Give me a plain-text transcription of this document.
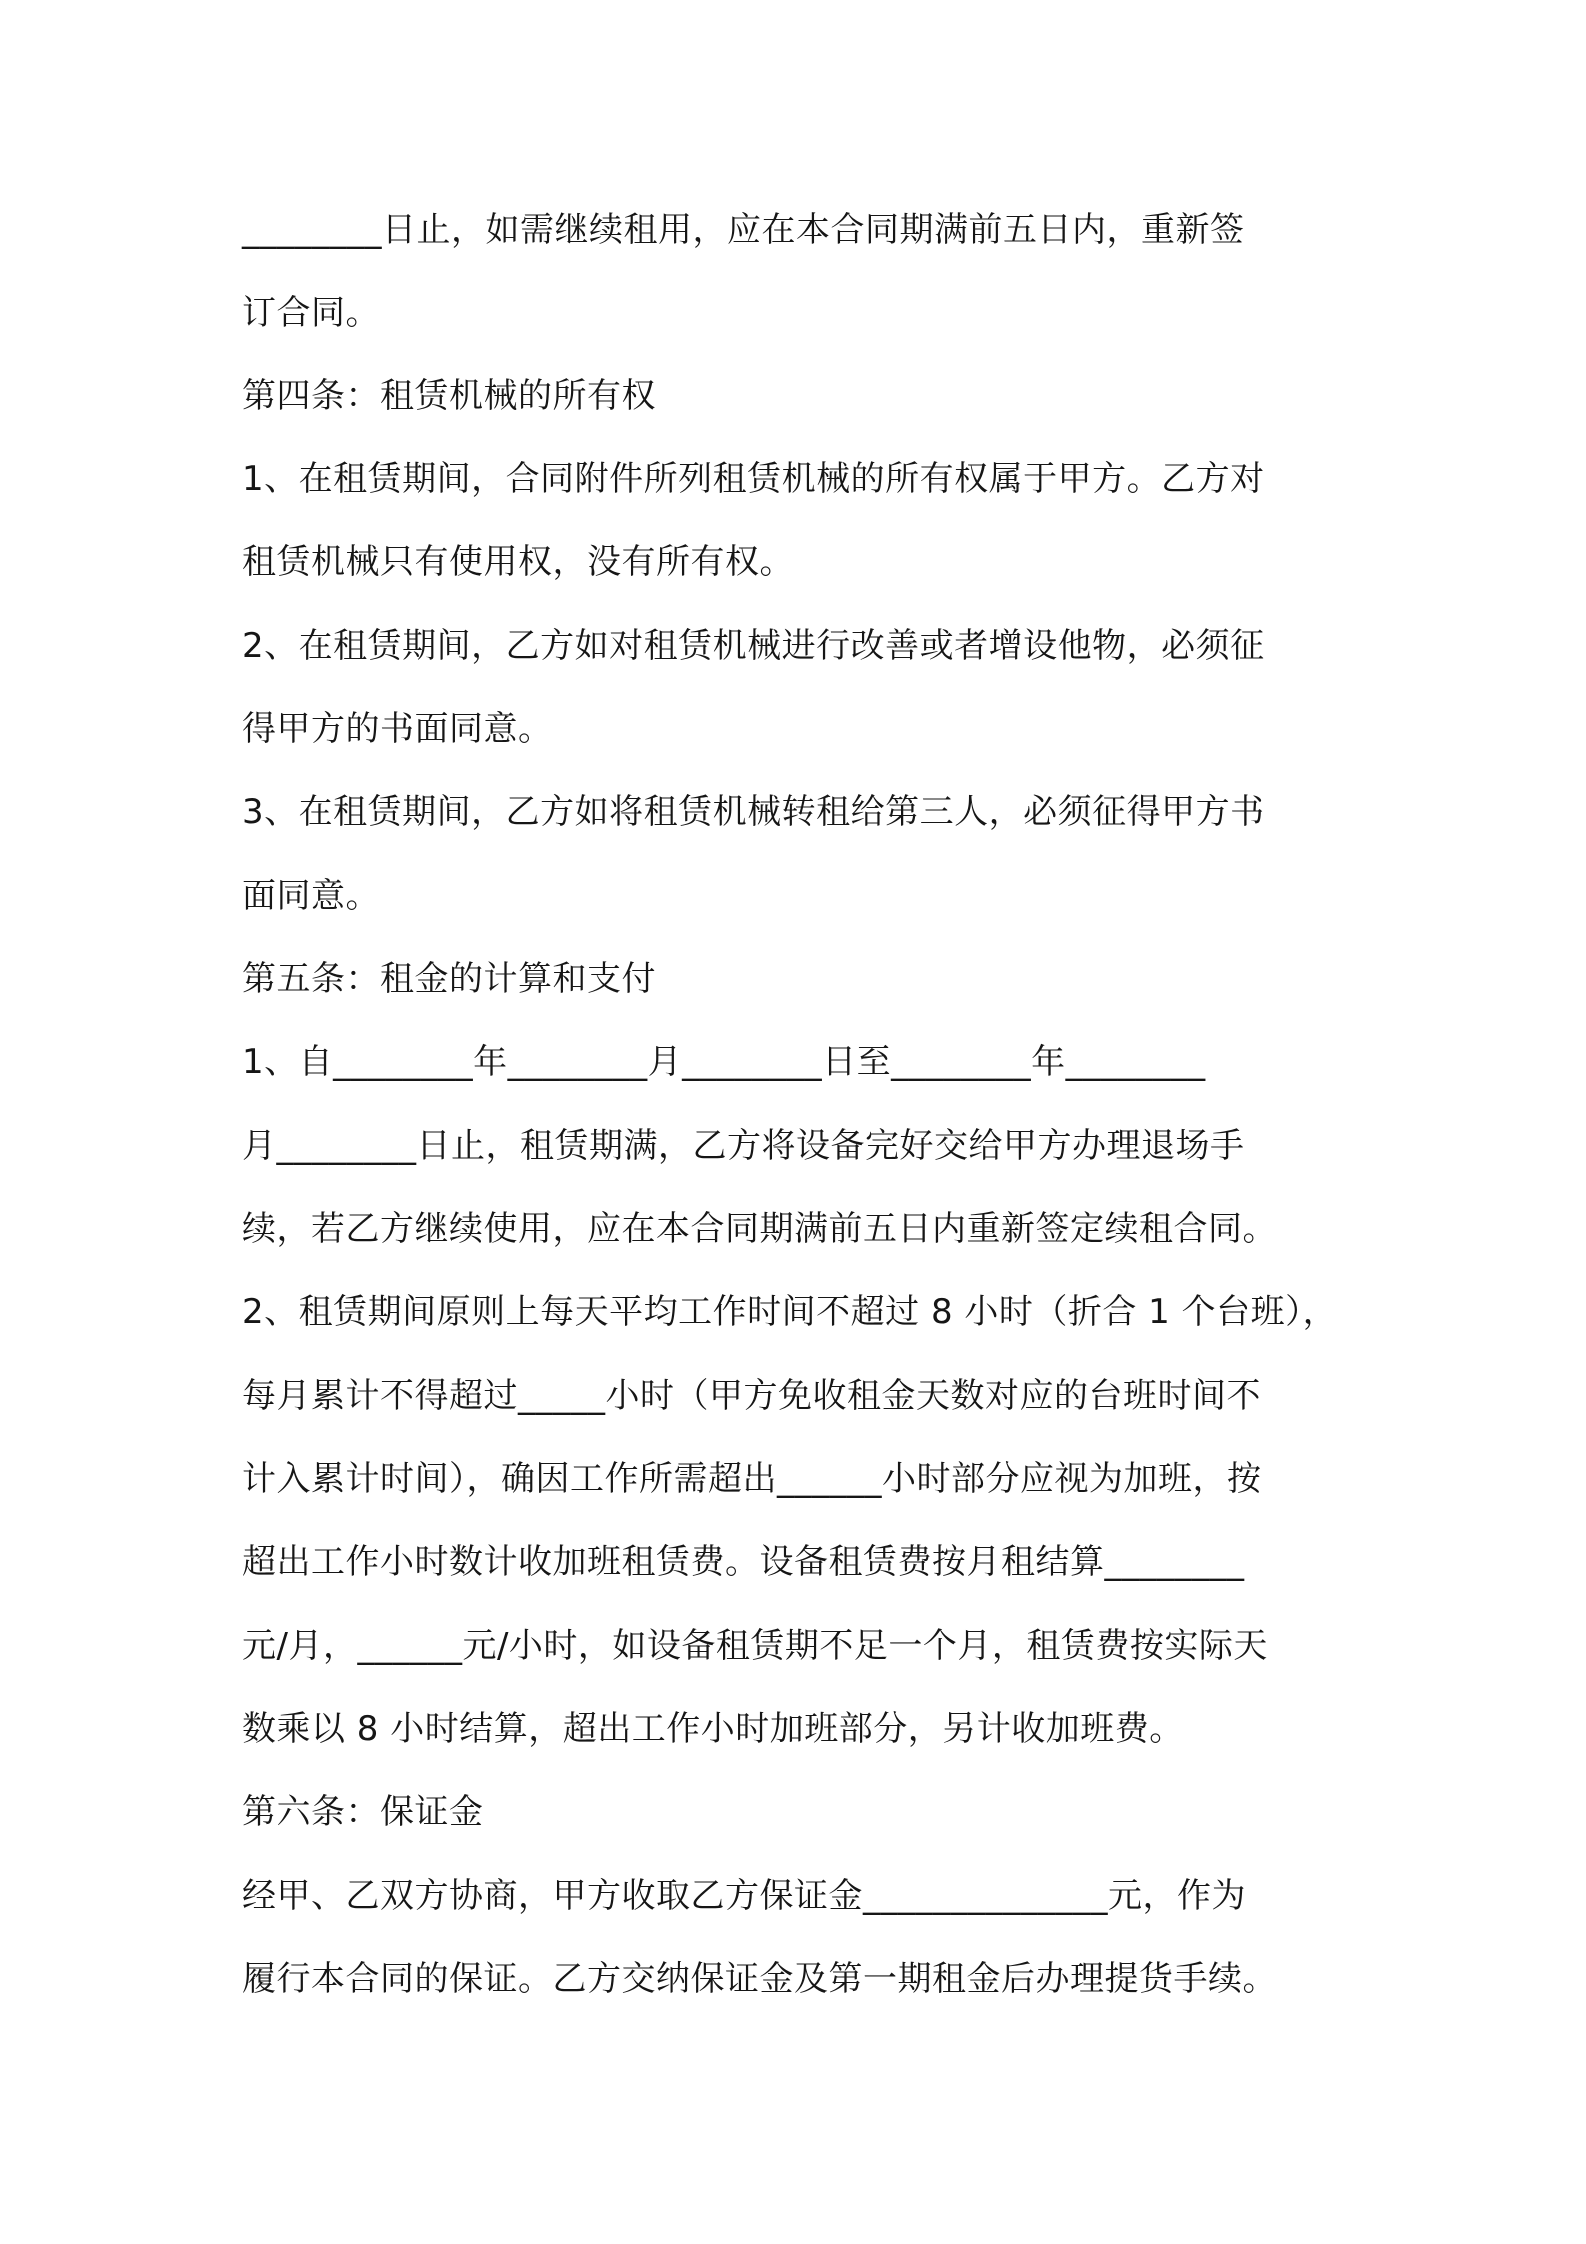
________日止，如需继续租用，应在本合同期满前五日内，重新签

订合同。

第四条：租赁机械的所有权

1、在租赁期间，合同附件所列租赁机械的所有权属于甲方。乙方对

租赁机械只有使用权，没有所有权。

2、在租赁期间，乙方如对租赁机械进行改善或者增设他物，必须征

得甲方的书面同意。

3、在租赁期间，乙方如将租赁机械转租给第三人，必须征得甲方书

面同意。

第五条：租金的计算和支付

1、自________年________月________日至________年________

月________日止，租赁期满，乙方将设备完好交给甲方办理退场手

续，若乙方继续使用，应在本合同期满前五日内重新签定续租合同。

2、租赁期间原则上每天平均工作时间不超过 8 小时（折合 1 个台班），

每月累计不得超过_____小时（甲方免收租金天数对应的台班时间不

计入累计时间），确因工作所需超出______小时部分应视为加班，按

超出工作小时数计收加班租赁费。设备租赁费按月租结算________

元/月，______元/小时，如设备租赁期不足一个月，租赁费按实际天

数乘以 8 小时结算，超出工作小时加班部分，另计收加班费。

第六条：保证金

经甲、乙双方协商，甲方收取乙方保证金______________元，作为

履行本合同的保证。乙方交纳保证金及第一期租金后办理提货手续。
